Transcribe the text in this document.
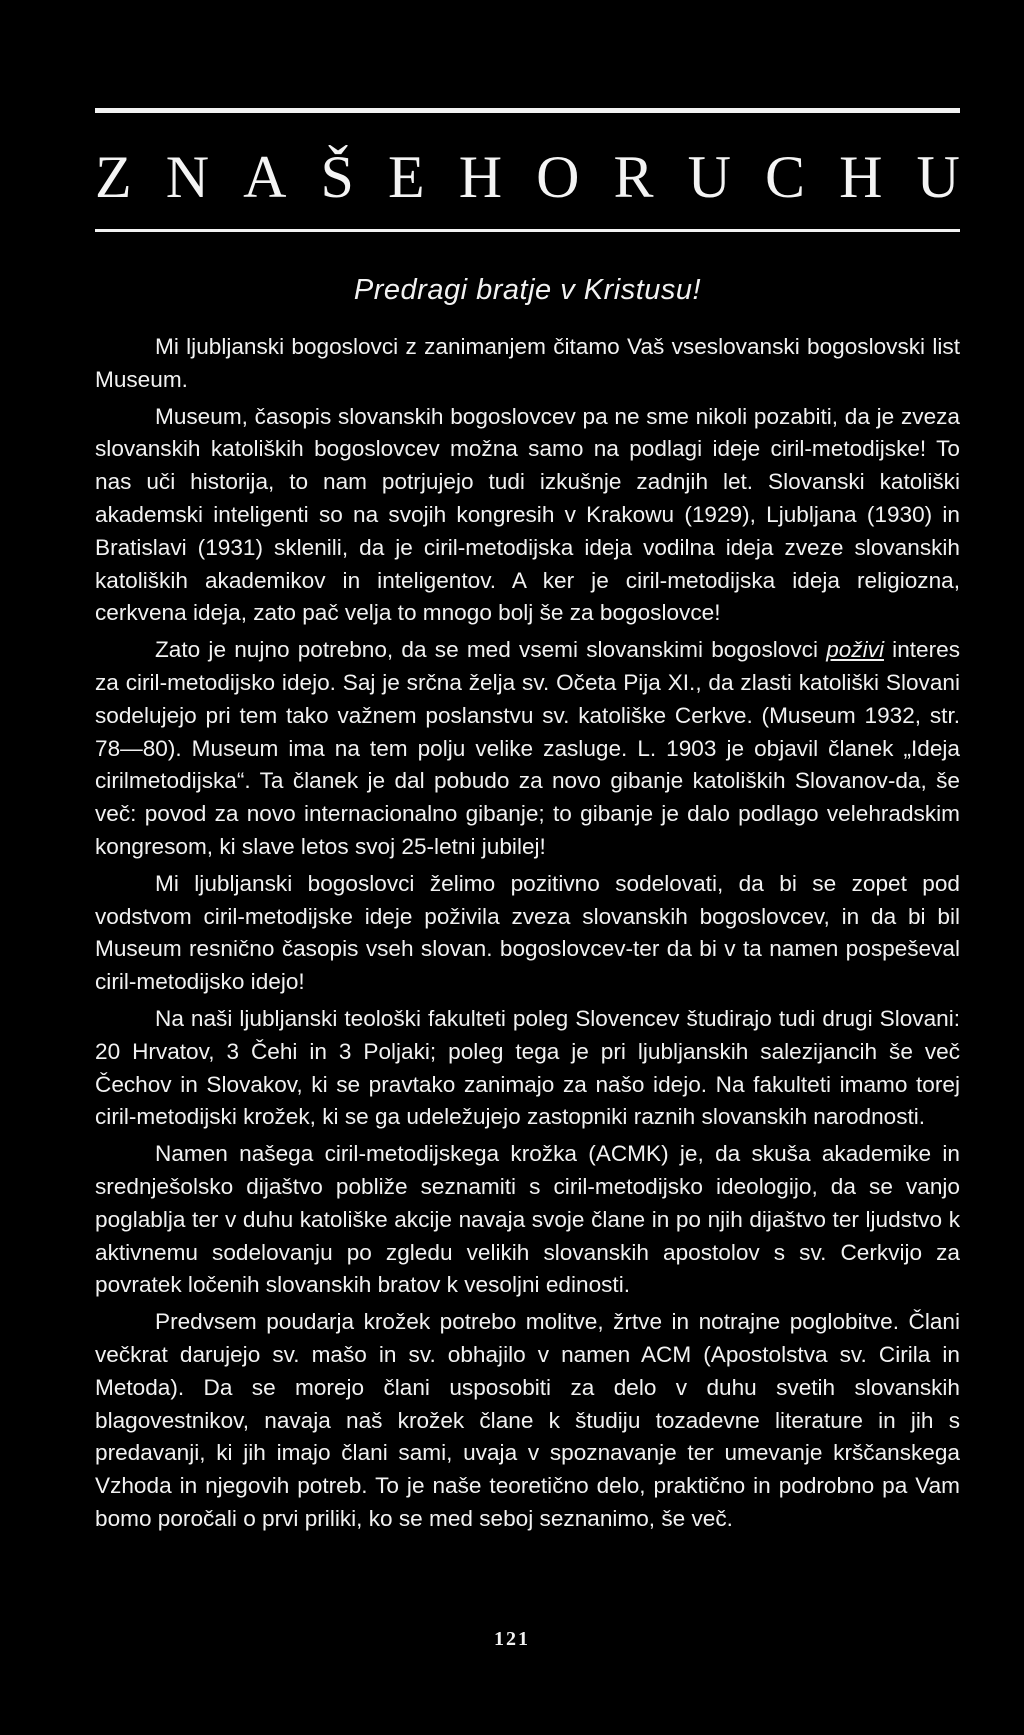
Z N A Š E H O R U C H U
Predragi bratje v Kristusu!

Mi ljubljanski bogoslovci z zanimanjem čitamo Vaš vseslovanski bogoslovski list Museum.

Museum, časopis slovanskih bogoslovcev pa ne sme nikoli pozabiti, da je zveza slovanskih katoliških bogoslovcev možna samo na podlagi ideje ciril-metodijske! To nas uči historija, to nam potrjujejo tudi izkušnje zadnjih let. Slovanski katoliški akademski inteligenti so na svojih kongresih v Krakowu (1929), Ljubljana (1930) in Bratislavi (1931) sklenili, da je ciril-metodijska ideja vodilna ideja zveze slovanskih katoliških akademikov in inteligentov. A ker je ciril-metodijska ideja religiozna, cerkvena ideja, zato pač velja to mnogo bolj še za bogoslovce!

Zato je nujno potrebno, da se med vsemi slovanskimi bogoslovci poživi interes za ciril-metodijsko idejo. Saj je srčna želja sv. Očeta Pija XI., da zlasti katoliški Slovani sodelujejo pri tem tako važnem poslanstvu sv. katoliške Cerkve. (Museum 1932, str. 78—80). Museum ima na tem polju velike zasluge. L. 1903 je objavil članek „Ideja cirilmetodijska“. Ta članek je dal pobudo za novo gibanje katoliških Slovanov-da, še več: povod za novo internacionalno gibanje; to gibanje je dalo podlago velehradskim kongresom, ki slave letos svoj 25-letni jubilej!

Mi ljubljanski bogoslovci želimo pozitivno sodelovati, da bi se zopet pod vodstvom ciril-metodijske ideje poživila zveza slovanskih bogoslovcev, in da bi bil Museum resnično časopis vseh slovan. bogoslovcev-ter da bi v ta namen pospeševal ciril-metodijsko idejo!

Na naši ljubljanski teološki fakulteti poleg Slovencev študirajo tudi drugi Slovani: 20 Hrvatov, 3 Čehi in 3 Poljaki; poleg tega je pri ljubljanskih salezijancih še več Čechov in Slovakov, ki se pravtako zanimajo za našo idejo. Na fakulteti imamo torej ciril-metodijski krožek, ki se ga udeležujejo zastopniki raznih slovanskih narodnosti.

Namen našega ciril-metodijskega krožka (ACMK) je, da skuša akademike in srednješolsko dijaštvo pobliže seznamiti s ciril-metodijsko ideologijo, da se vanjo poglablja ter v duhu katoliške akcije navaja svoje člane in po njih dijaštvo ter ljudstvo k aktivnemu sodelovanju po zgledu velikih slovanskih apostolov s sv. Cerkvijo za povratek ločenih slovanskih bratov k vesoljni edinosti.

Predvsem poudarja krožek potrebo molitve, žrtve in notrajne poglobitve. Člani večkrat darujejo sv. mašo in sv. obhajilo v namen ACM (Apostolstva sv. Cirila in Metoda). Da se morejo člani usposobiti za delo v duhu svetih slovanskih blagovestnikov, navaja naš krožek člane k študiju tozadevne literature in jih s predavanji, ki jih imajo člani sami, uvaja v spoznavanje ter umevanje krščanskega Vzhoda in njegovih potreb. To je naše teoretično delo, praktično in podrobno pa Vam bomo poročali o prvi priliki, ko se med seboj seznanimo, še več.

121
